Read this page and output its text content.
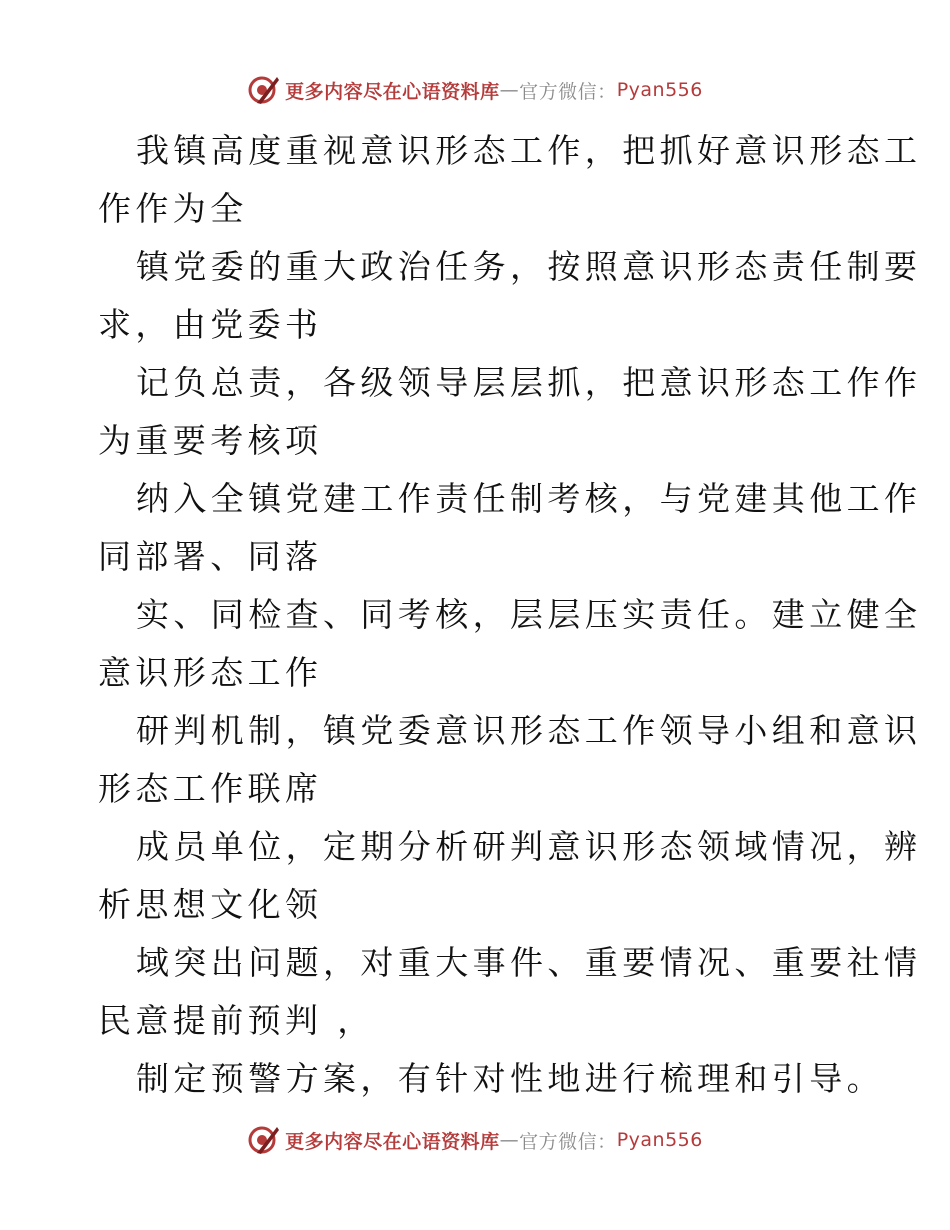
更多内容尽在心语资料库 — 官方微信： Pyan556
我镇高度重视意识形态工作，把抓好意识形态工
作作为全
镇党委的重大政治任务，按照意识形态责任制要
求，由党委书
记负总责，各级领导层层抓，把意识形态工作作
为重要考核项
纳入全镇党建工作责任制考核，与党建其他工作
同部署、同落
实、同检查、同考核，层层压实责任。建立健全
意识形态工作
研判机制，镇党委意识形态工作领导小组和意识
形态工作联席
成员单位，定期分析研判意识形态领域情况，辨
析思想文化领
域突出问题，对重大事件、重要情况、重要社情
民意提前预判 ，
制定预警方案，有针对性地进行梳理和引导。
更多内容尽在心语资料库 — 官方微信： Pyan556
